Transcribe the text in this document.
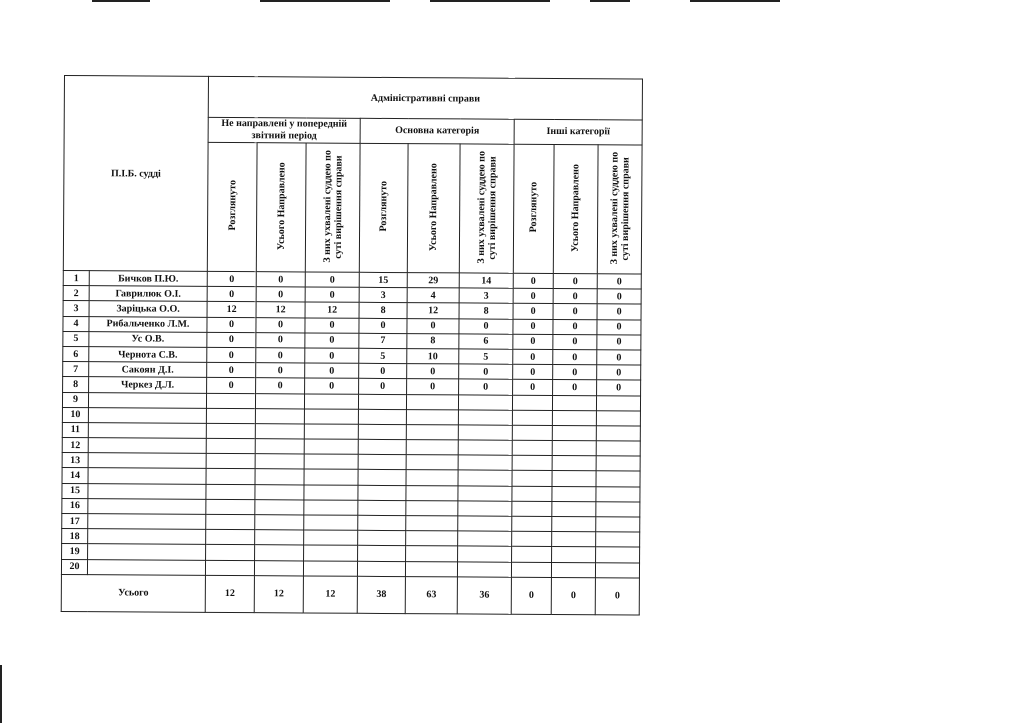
П.І.Б. судді		Адміністративні справи								
		Не направлені у попередній звітний період			Основна категорія			Інші категорії		
		Розглянуто	Усього Направлено	З них ухвалені суддею по суті вирішення справи	Розглянуто	Усього Направлено	З них ухвалені суддею по суті вирішення справи	Розглянуто	Усього Направлено	З них ухвалені суддею по суті вирішення справи
1	Бичков П.Ю.	0	0	0	15	29	14	0	0	0
2	Гаврилюк О.І.	0	0	0	3	4	3	0	0	0
3	Заріцька О.О.	12	12	12	8	12	8	0	0	0
4	Рибальченко Л.М.	0	0	0	0	0	0	0	0	0
5	Ус О.В.	0	0	0	7	8	6	0	0	0
6	Чернота С.В.	0	0	0	5	10	5	0	0	0
7	Сакоян Д.І.	0	0	0	0	0	0	0	0	0
8	Черкез Д.Л.	0	0	0	0	0	0	0	0	0
9										
10										
11										
12										
13										
14										
15										
16										
17										
18										
19										
20										
Усього		12	12	12	38	63	36	0	0	0
